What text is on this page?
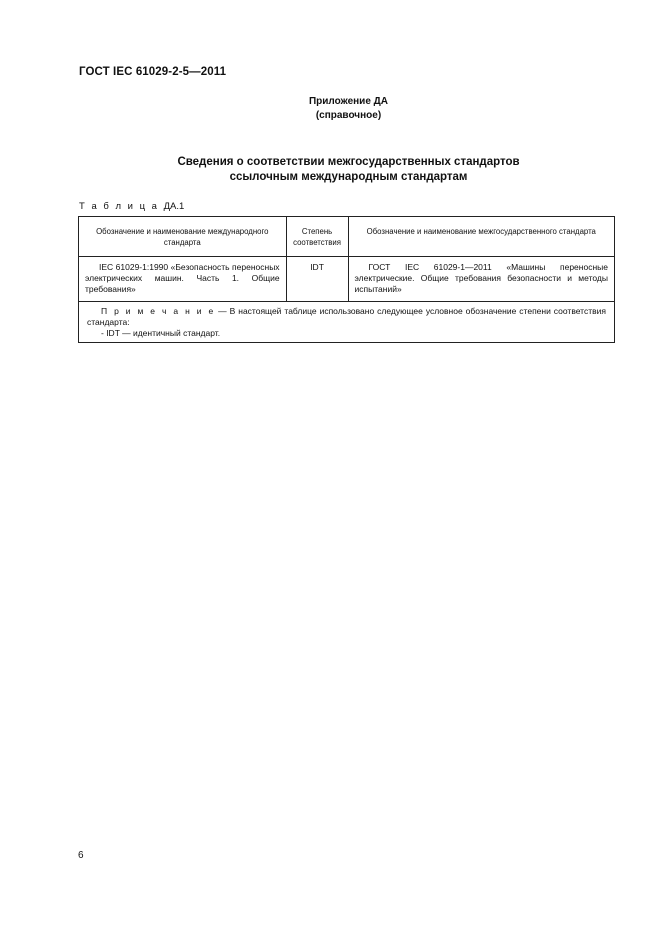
ГОСТ IEC 61029-2-5—2011
Приложение ДА
(справочное)
Сведения о соответствии межгосударственных стандартов
ссылочным международным стандартам
Т а б л и ц а ДА.1
Обозначение и наименование международного стандарта	Степень соответствия	Обозначение и наименование межгосударственного стандарта
IEC 61029-1:1990 «Безопасность переносных электрических машин. Часть 1. Общие требования»	IDT	ГОСТ IEC 61029-1—2011 «Машины переносные электрические. Общие требования безопасности и методы испытаний»

П р и м е ч а н и е — В настоящей таблице использовано следующее условное обозначение степени соответствия стандарта:
- IDT — идентичный стандарт.		
6
